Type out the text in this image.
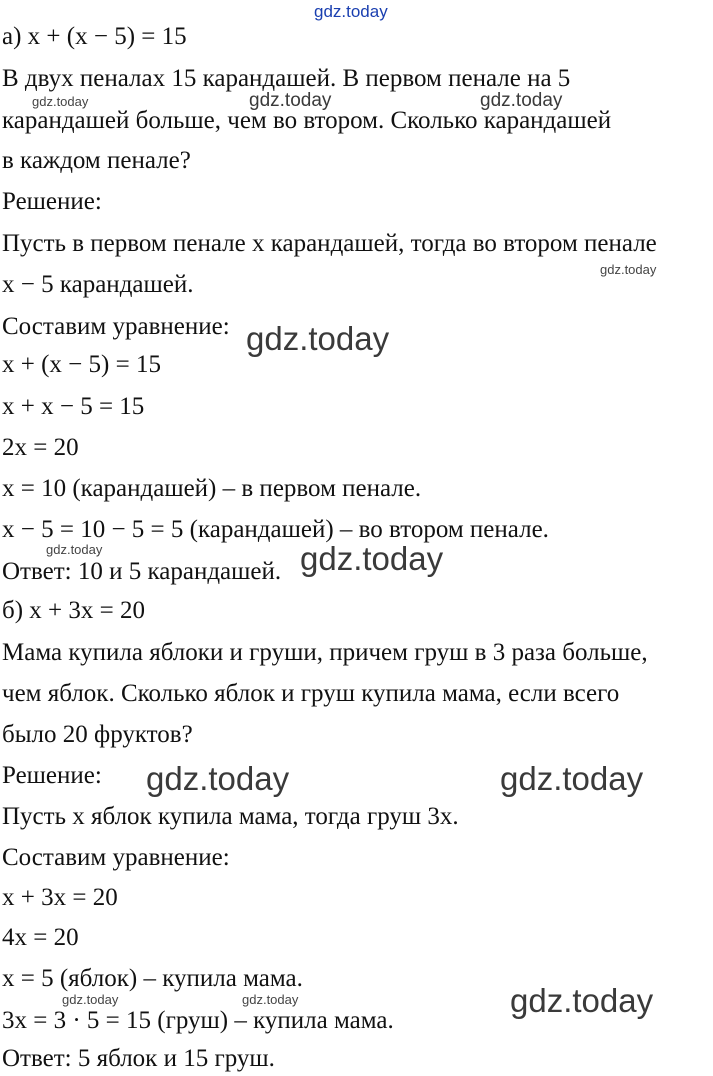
а) x + (x − 5) = 15
В двух пеналах 15 карандашей. В первом пенале на 5
карандашей больше, чем во втором. Сколько карандашей
в каждом пенале?
Решение:
Пусть в первом пенале x карандашей, тогда во втором пенале
x − 5 карандашей.
Составим уравнение:
x + (x − 5) = 15
x + x − 5 = 15
2x = 20
x = 10 (карандашей) – в первом пенале.
x − 5 = 10 − 5 = 5 (карандашей) – во втором пенале.
Ответ: 10 и 5 карандашей.
б) x + 3x = 20
Мама купила яблоки и груши, причем груш в 3 раза больше,
чем яблок. Сколько яблок и груш купила мама, если всего
было 20 фруктов?
Решение:
Пусть x яблок купила мама, тогда груш 3x.
Составим уравнение:
x + 3x = 20
4x = 20
x = 5 (яблок) – купила мама.
3x = 3 · 5 = 15 (груш) – купила мама.
Ответ: 5 яблок и 15 груш.
gdz.today
gdz.today	gdz.today	gdz.today
gdz.today
gdz.today
gdz.today	gdz.today
gdz.today	gdz.today
gdz.today	gdz.today	gdz.today
